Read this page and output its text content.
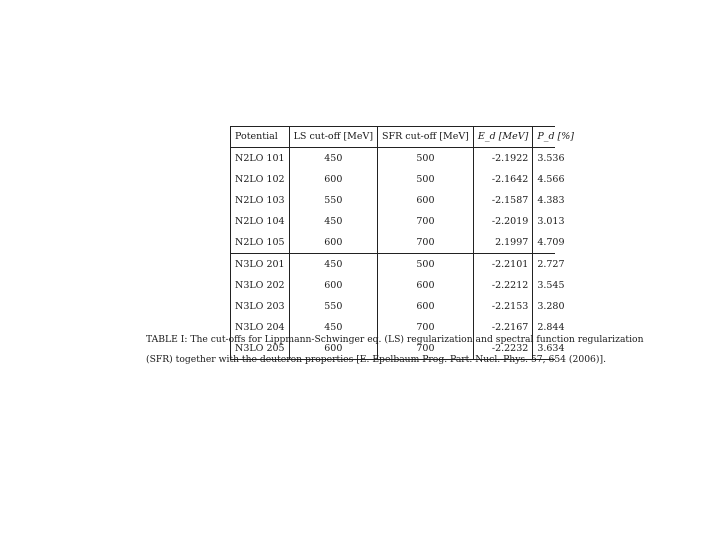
Potential	LS cut-off [MeV]	SFR cut-off [MeV]	E_d [MeV]	P_d [%]
N2LO 101	450	500	-2.1922	3.536
N2LO 102	600	500	-2.1642	4.566
N2LO 103	550	600	-2.1587	4.383
N2LO 104	450	700	-2.2019	3.013
N2LO 105	600	700	2.1997	4.709
N3LO 201	450	500	-2.2101	2.727
N3LO 202	600	600	-2.2212	3.545
N3LO 203	550	600	-2.2153	3.280
N3LO 204	450	700	-2.2167	2.844
N3LO 205	600	700	-2.2232	3.634

TABLE I: The cut-offs for Lippmann-Schwinger eq. (LS) regularization and spectral function regularization

(SFR) together with the deuteron properties [E. Epelbaum Prog. Part. Nucl. Phys. 57, 654 (2006)].
